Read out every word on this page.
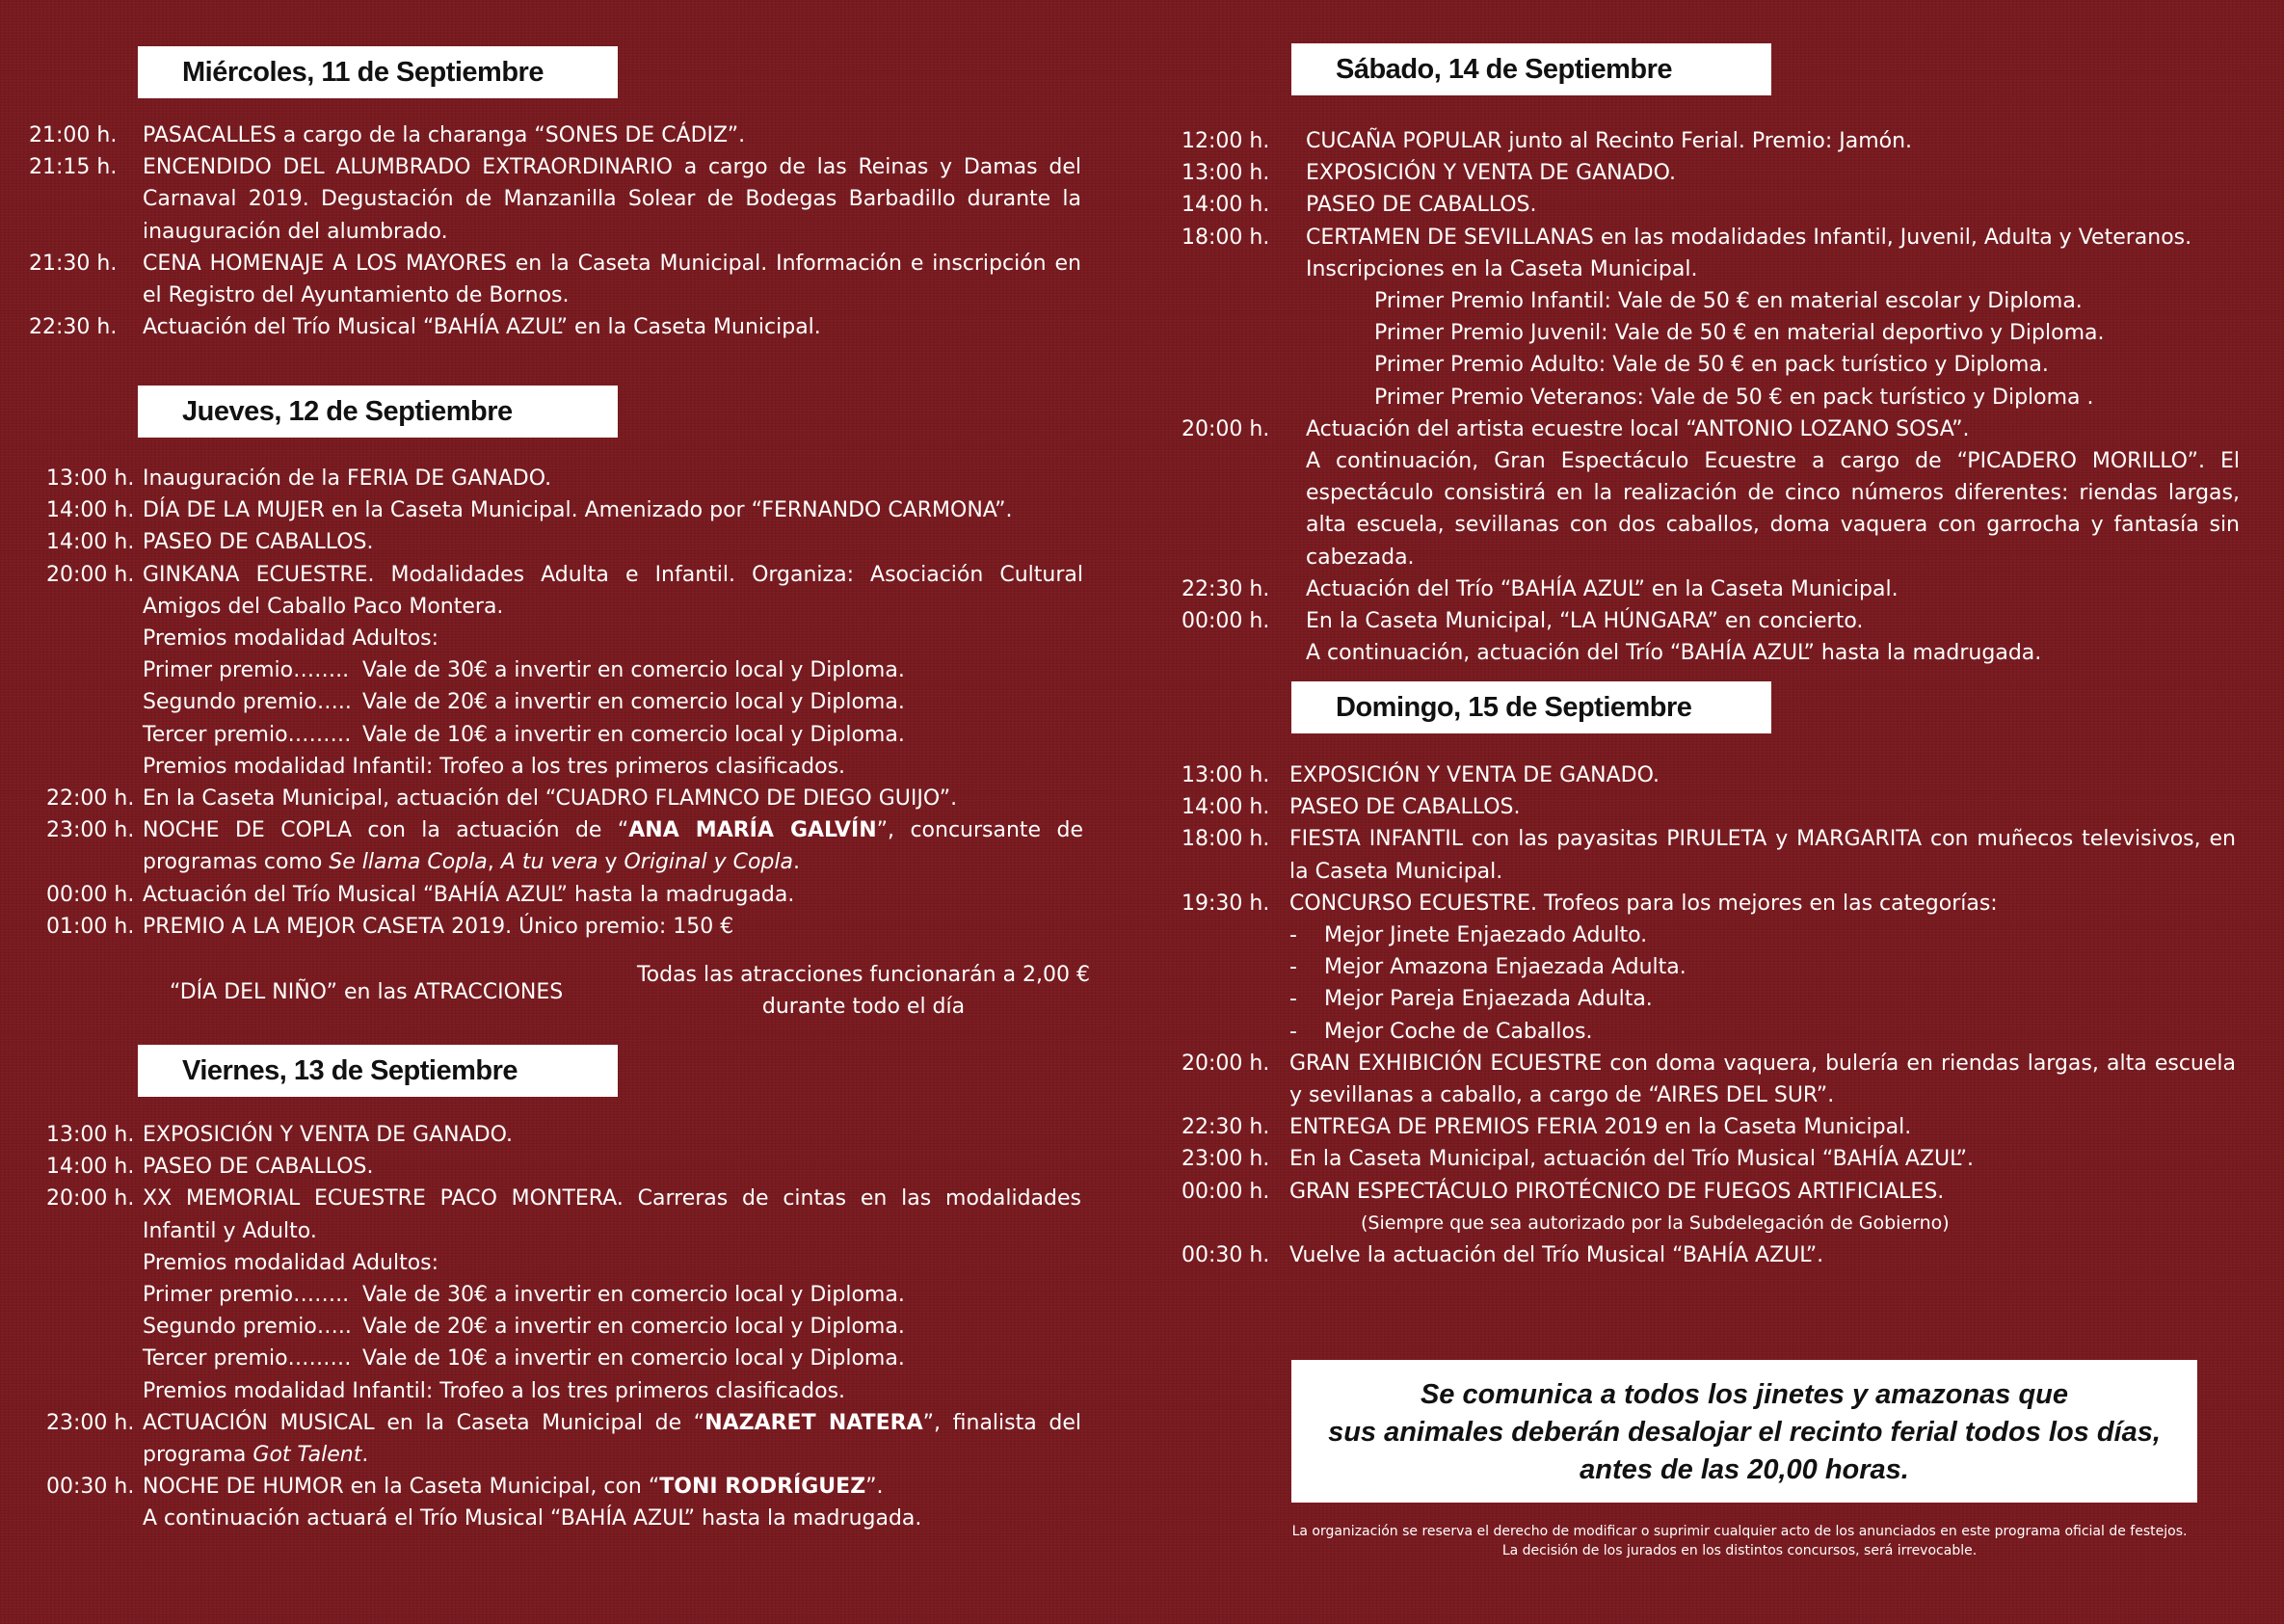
Miércoles, 11 de Septiembre
21:00 h.	PASACALLES a cargo de la charanga “SONES DE CÁDIZ”.
21:15 h.	ENCENDIDO DEL ALUMBRADO EXTRAORDINARIO a cargo de las Reinas y Damas del Carnaval 2019. Degustación de Manzanilla Solear de Bodegas Barbadillo durante la inauguración del alumbrado.
21:30 h.	CENA HOMENAJE A LOS MAYORES en la Caseta Municipal. Información e inscripción en el Registro del Ayuntamiento de Bornos.
22:30 h.	Actuación del Trío Musical “BAHÍA AZUL” en la Caseta Municipal.
Jueves, 12 de Septiembre
13:00 h. Inauguración de la FERIA DE GANADO.
14:00 h. DÍA DE LA MUJER en la Caseta Municipal. Amenizado por “FERNANDO CARMONA”.
14:00 h. PASEO DE CABALLOS.
20:00 h. GINKANA ECUESTRE. Modalidades Adulta e Infantil. Organiza: Asociación Cultural Amigos del Caballo Paco Montera.
Premios modalidad Adultos:
Primer premio…….. Vale de 30€ a invertir en comercio local y Diploma.
Segundo premio….. Vale de 20€ a invertir en comercio local y Diploma.
Tercer premio……… Vale de 10€ a invertir en comercio local y Diploma.
Premios modalidad Infantil: Trofeo a los tres primeros clasificados.
22:00 h. En la Caseta Municipal, actuación del “CUADRO FLAMNCO DE DIEGO GUIJO”.
23:00 h. NOCHE DE COPLA con la actuación de “ANA MARÍA GALVÍN”, concursante de programas como Se llama Copla, A tu vera y Original y Copla.
00:00 h. Actuación del Trío Musical “BAHÍA AZUL” hasta la madrugada.
01:00 h. PREMIO A LA MEJOR CASETA 2019. Único premio: 150 €
“DÍA DEL NIÑO” en las ATRACCIONES
Todas las atracciones funcionarán a 2,00 €
durante todo el día
Viernes, 13 de Septiembre
13:00 h. EXPOSICIÓN Y VENTA DE GANADO.
14:00 h. PASEO DE CABALLOS.
20:00 h. XX MEMORIAL ECUESTRE PACO MONTERA. Carreras de cintas en las modalidades Infantil y Adulto.
Premios modalidad Adultos:
Primer premio…….. Vale de 30€ a invertir en comercio local y Diploma.
Segundo premio….. Vale de 20€ a invertir en comercio local y Diploma.
Tercer premio……… Vale de 10€ a invertir en comercio local y Diploma.
Premios modalidad Infantil: Trofeo a los tres primeros clasificados.
23:00 h. ACTUACIÓN MUSICAL en la Caseta Municipal de “NAZARET NATERA”, finalista del programa Got Talent.
00:30 h. NOCHE DE HUMOR en la Caseta Municipal, con “TONI RODRÍGUEZ”.
A continuación actuará el Trío Musical “BAHÍA AZUL” hasta la madrugada.
Sábado, 14 de Septiembre
12:00 h.	CUCAÑA POPULAR junto al Recinto Ferial. Premio: Jamón.
13:00 h.	EXPOSICIÓN Y VENTA DE GANADO.
14:00 h.	PASEO DE CABALLOS.
18:00 h.	CERTAMEN DE SEVILLANAS en las modalidades Infantil, Juvenil, Adulta y Veteranos.
Inscripciones en la Caseta Municipal.
Primer Premio Infantil: Vale de 50 € en material escolar y Diploma.
Primer Premio Juvenil: Vale de 50 € en material deportivo y Diploma.
Primer Premio Adulto: Vale de 50 € en pack turístico y Diploma.
Primer Premio Veteranos: Vale de 50 € en pack turístico y Diploma .
20:00 h.	Actuación del artista ecuestre local “ANTONIO LOZANO SOSA”.
A continuación, Gran Espectáculo Ecuestre a cargo de “PICADERO MORILLO”. El espectáculo consistirá en la realización de cinco números diferentes: riendas largas, alta escuela, sevillanas con dos caballos, doma vaquera con garrocha y fantasía sin cabezada.
22:30 h.	Actuación del Trío “BAHÍA AZUL” en la Caseta Municipal.
00:00 h.	En la Caseta Municipal, “LA HÚNGARA” en concierto.
A continuación, actuación del Trío “BAHÍA AZUL” hasta la madrugada.
Domingo, 15 de Septiembre
13:00 h. EXPOSICIÓN Y VENTA DE GANADO.
14:00 h. PASEO DE CABALLOS.
18:00 h. FIESTA INFANTIL con las payasitas PIRULETA y MARGARITA con muñecos televisivos, en la Caseta Municipal.
19:30 h. CONCURSO ECUESTRE. Trofeos para los mejores en las categorías:
-	Mejor Jinete Enjaezado Adulto.
-	Mejor Amazona Enjaezada Adulta.
-	Mejor Pareja Enjaezada Adulta.
-	Mejor Coche de Caballos.
20:00 h. GRAN EXHIBICIÓN ECUESTRE con doma vaquera, bulería en riendas largas, alta escuela y sevillanas a caballo, a cargo de “AIRES DEL SUR”.
22:30 h. ENTREGA DE PREMIOS FERIA 2019 en la Caseta Municipal.
23:00 h. En la Caseta Municipal, actuación del Trío Musical “BAHÍA AZUL”.
00:00 h. GRAN ESPECTÁCULO PIROTÉCNICO DE FUEGOS ARTIFICIALES.
(Siempre que sea autorizado por la Subdelegación de Gobierno)
00:30 h. Vuelve la actuación del Trío Musical “BAHÍA AZUL”.
Se comunica a todos los jinetes y amazonas que
sus animales deberán desalojar el recinto ferial todos los días,
antes de las 20,00 horas.
La organización se reserva el derecho de modificar o suprimir cualquier acto de los anunciados en este programa oficial de festejos.
La decisión de los jurados en los distintos concursos, será irrevocable.
